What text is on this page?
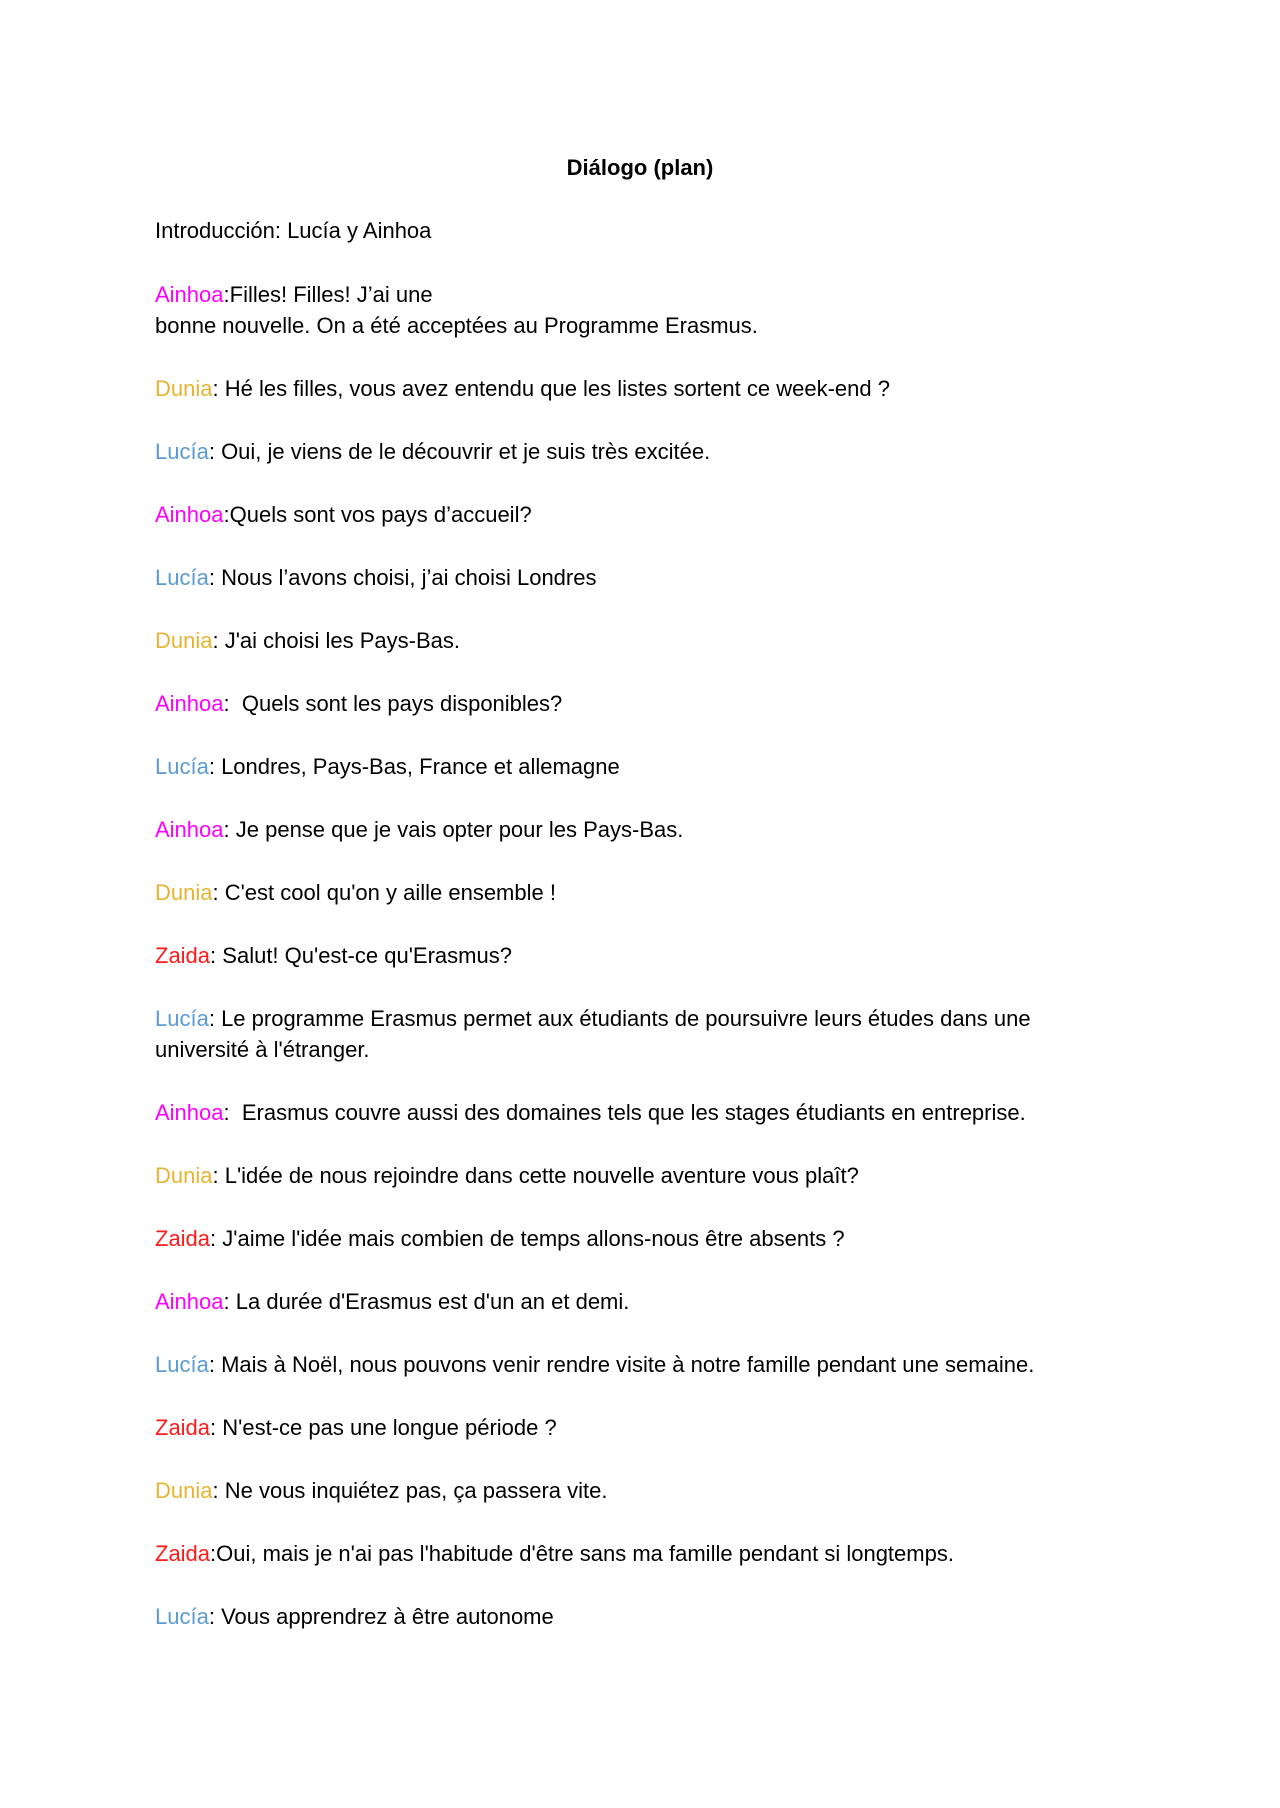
Diálogo (plan)
Introducción: Lucía y Ainhoa
Ainhoa:Filles! Filles! J’ai une
bonne nouvelle. On a été acceptées au Programme Erasmus.
Dunia: Hé les filles, vous avez entendu que les listes sortent ce week-end ?
Lucía: Oui, je viens de le découvrir et je suis très excitée.
Ainhoa:Quels sont vos pays d’accueil?
Lucía: Nous l’avons choisi, j’ai choisi Londres
Dunia: J'ai choisi les Pays-Bas.
Ainhoa:  Quels sont les pays disponibles?
Lucía: Londres, Pays-Bas, France et allemagne
Ainhoa: Je pense que je vais opter pour les Pays-Bas.
Dunia: C'est cool qu'on y aille ensemble !
Zaida: Salut! Qu'est-ce qu'Erasmus?
Lucía: Le programme Erasmus permet aux étudiants de poursuivre leurs études dans une
université à l'étranger.
Ainhoa:  Erasmus couvre aussi des domaines tels que les stages étudiants en entreprise.
Dunia: L'idée de nous rejoindre dans cette nouvelle aventure vous plaît?
Zaida: J'aime l'idée mais combien de temps allons-nous être absents ?
Ainhoa: La durée d'Erasmus est d'un an et demi.
Lucía: Mais à Noël, nous pouvons venir rendre visite à notre famille pendant une semaine.
Zaida: N'est-ce pas une longue période ?
Dunia: Ne vous inquiétez pas, ça passera vite.
Zaida:Oui, mais je n'ai pas l'habitude d'être sans ma famille pendant si longtemps.
Lucía: Vous apprendrez à être autonome
